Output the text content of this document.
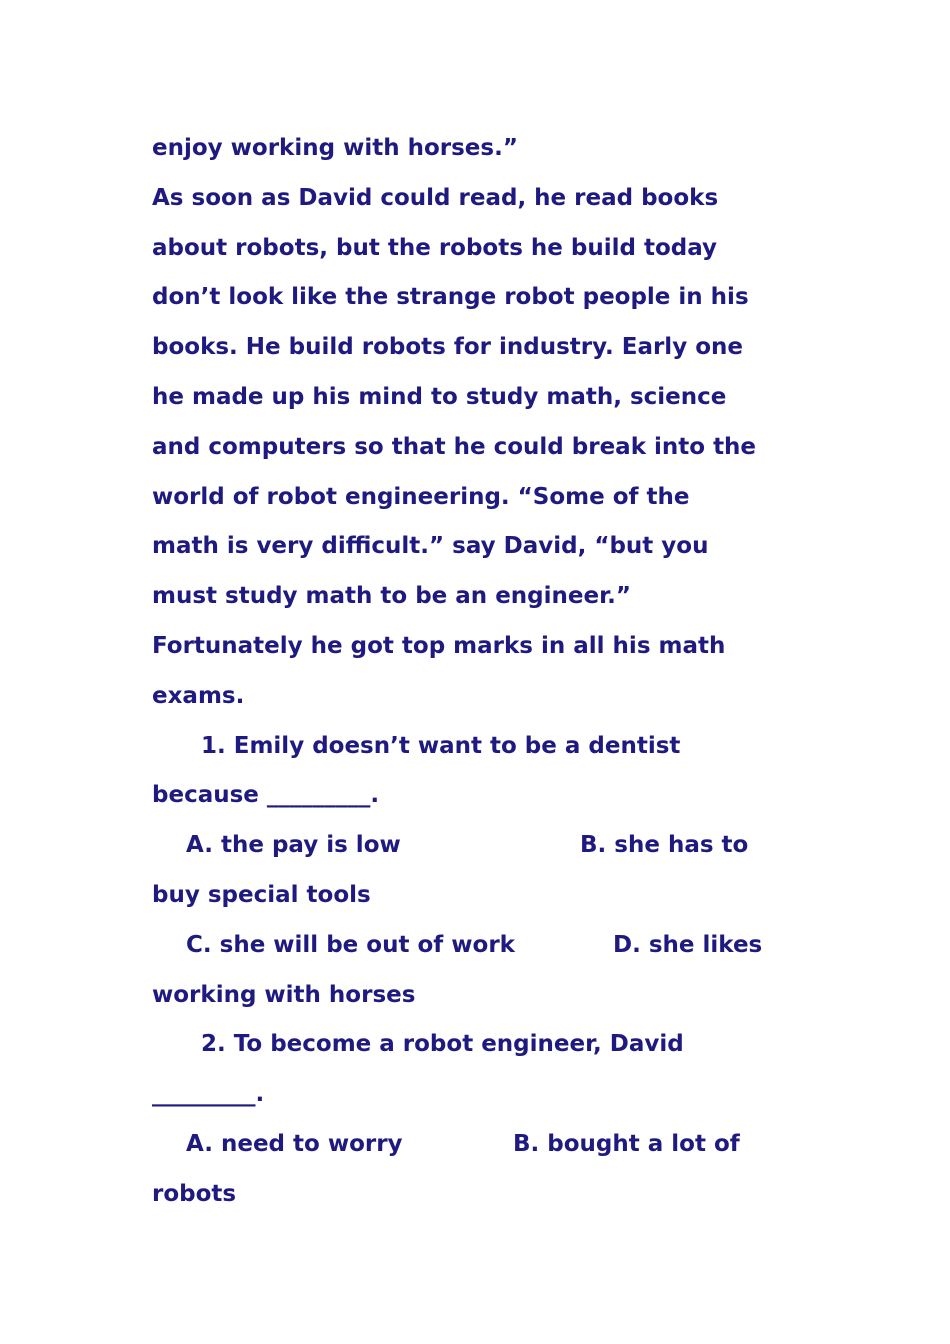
enjoy working with horses.”
As soon as David could read, he read books
about robots, but the robots he build today
don’t look like the strange robot people in his
books. He build robots for industry. Early one
he made up his mind to study math, science
and computers so that he could break into the
world of robot engineering. “Some of the
math is very difficult.” say David, “but you
must study math to be an engineer.”
Fortunately he got top marks in all his math
exams.
1. Emily doesn’t want to be a dentist
because _________.
A. the pay is low	B. she has to
buy special tools
C. she will be out of work	D. she likes
working with horses
2. To become a robot engineer, David
_________.
A. need to worry	B. bought a lot of
robots
